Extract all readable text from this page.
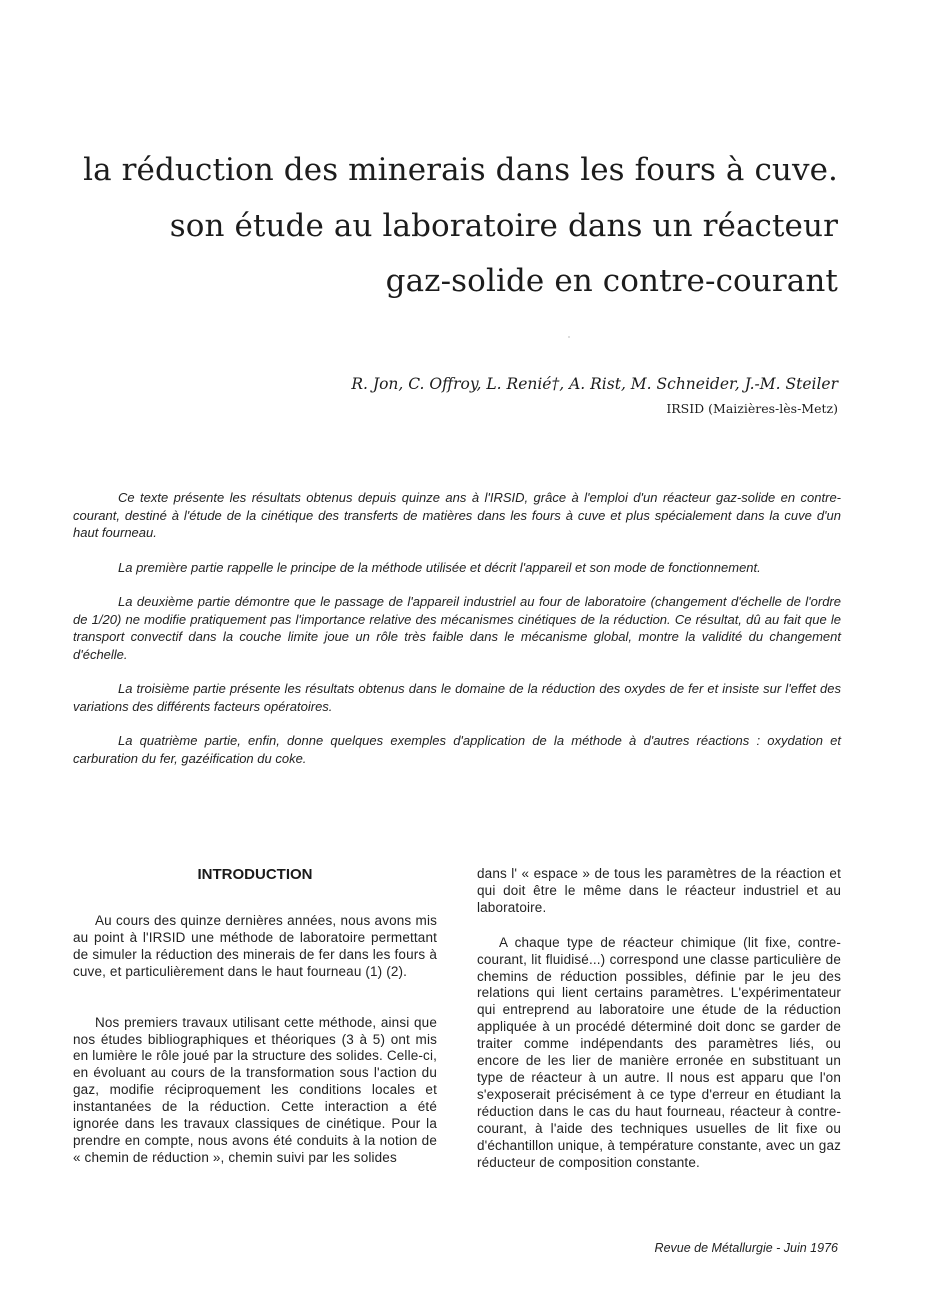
la réduction des minerais dans les fours à cuve.
son étude au laboratoire dans un réacteur
gaz-solide en contre-courant

R. Jon, C. Offroy, L. Renié†, A. Rist, M. Schneider, J.-M. Steiler

IRSID (Maizières-lès-Metz)

Ce texte présente les résultats obtenus depuis quinze ans à l'IRSID, grâce à l'emploi d'un réacteur gaz-solide en contre-courant, destiné à l'étude de la cinétique des transferts de matières dans les fours à cuve et plus spécialement dans la cuve d'un haut fourneau.

La première partie rappelle le principe de la méthode utilisée et décrit l'appareil et son mode de fonctionnement.

La deuxième partie démontre que le passage de l'appareil industriel au four de laboratoire (changement d'échelle de l'ordre de 1/20) ne modifie pratiquement pas l'importance relative des mécanismes cinétiques de la réduction. Ce résultat, dû au fait que le transport convectif dans la couche limite joue un rôle très faible dans le mécanisme global, montre la validité du changement d'échelle.

La troisième partie présente les résultats obtenus dans le domaine de la réduction des oxydes de fer et insiste sur l'effet des variations des différents facteurs opératoires.

La quatrième partie, enfin, donne quelques exemples d'application de la méthode à d'autres réactions : oxydation et carburation du fer, gazéification du coke.

INTRODUCTION

Au cours des quinze dernières années, nous avons mis au point à l'IRSID une méthode de laboratoire permettant de simuler la réduction des minerais de fer dans les fours à cuve, et particulièrement dans le haut fourneau (1) (2).

Nos premiers travaux utilisant cette méthode, ainsi que nos études bibliographiques et théoriques (3 à 5) ont mis en lumière le rôle joué par la structure des solides. Celle-ci, en évoluant au cours de la transformation sous l'action du gaz, modifie réciproquement les conditions locales et instantanées de la réduction. Cette interaction a été ignorée dans les travaux classiques de cinétique. Pour la prendre en compte, nous avons été conduits à la notion de « chemin de réduction », chemin suivi par les solides

dans l' « espace » de tous les paramètres de la réaction et qui doit être le même dans le réacteur industriel et au laboratoire.

A chaque type de réacteur chimique (lit fixe, contre-courant, lit fluidisé...) correspond une classe particulière de chemins de réduction possibles, définie par le jeu des relations qui lient certains paramètres. L'expérimentateur qui entreprend au laboratoire une étude de la réduction appliquée à un procédé déterminé doit donc se garder de traiter comme indépendants des paramètres liés, ou encore de les lier de manière erronée en substituant un type de réacteur à un autre. Il nous est apparu que l'on s'exposerait précisément à ce type d'erreur en étudiant la réduction dans le cas du haut fourneau, réacteur à contre-courant, à l'aide des techniques usuelles de lit fixe ou d'échantillon unique, à température constante, avec un gaz réducteur de composition constante.

Revue de Métallurgie - Juin 1976
